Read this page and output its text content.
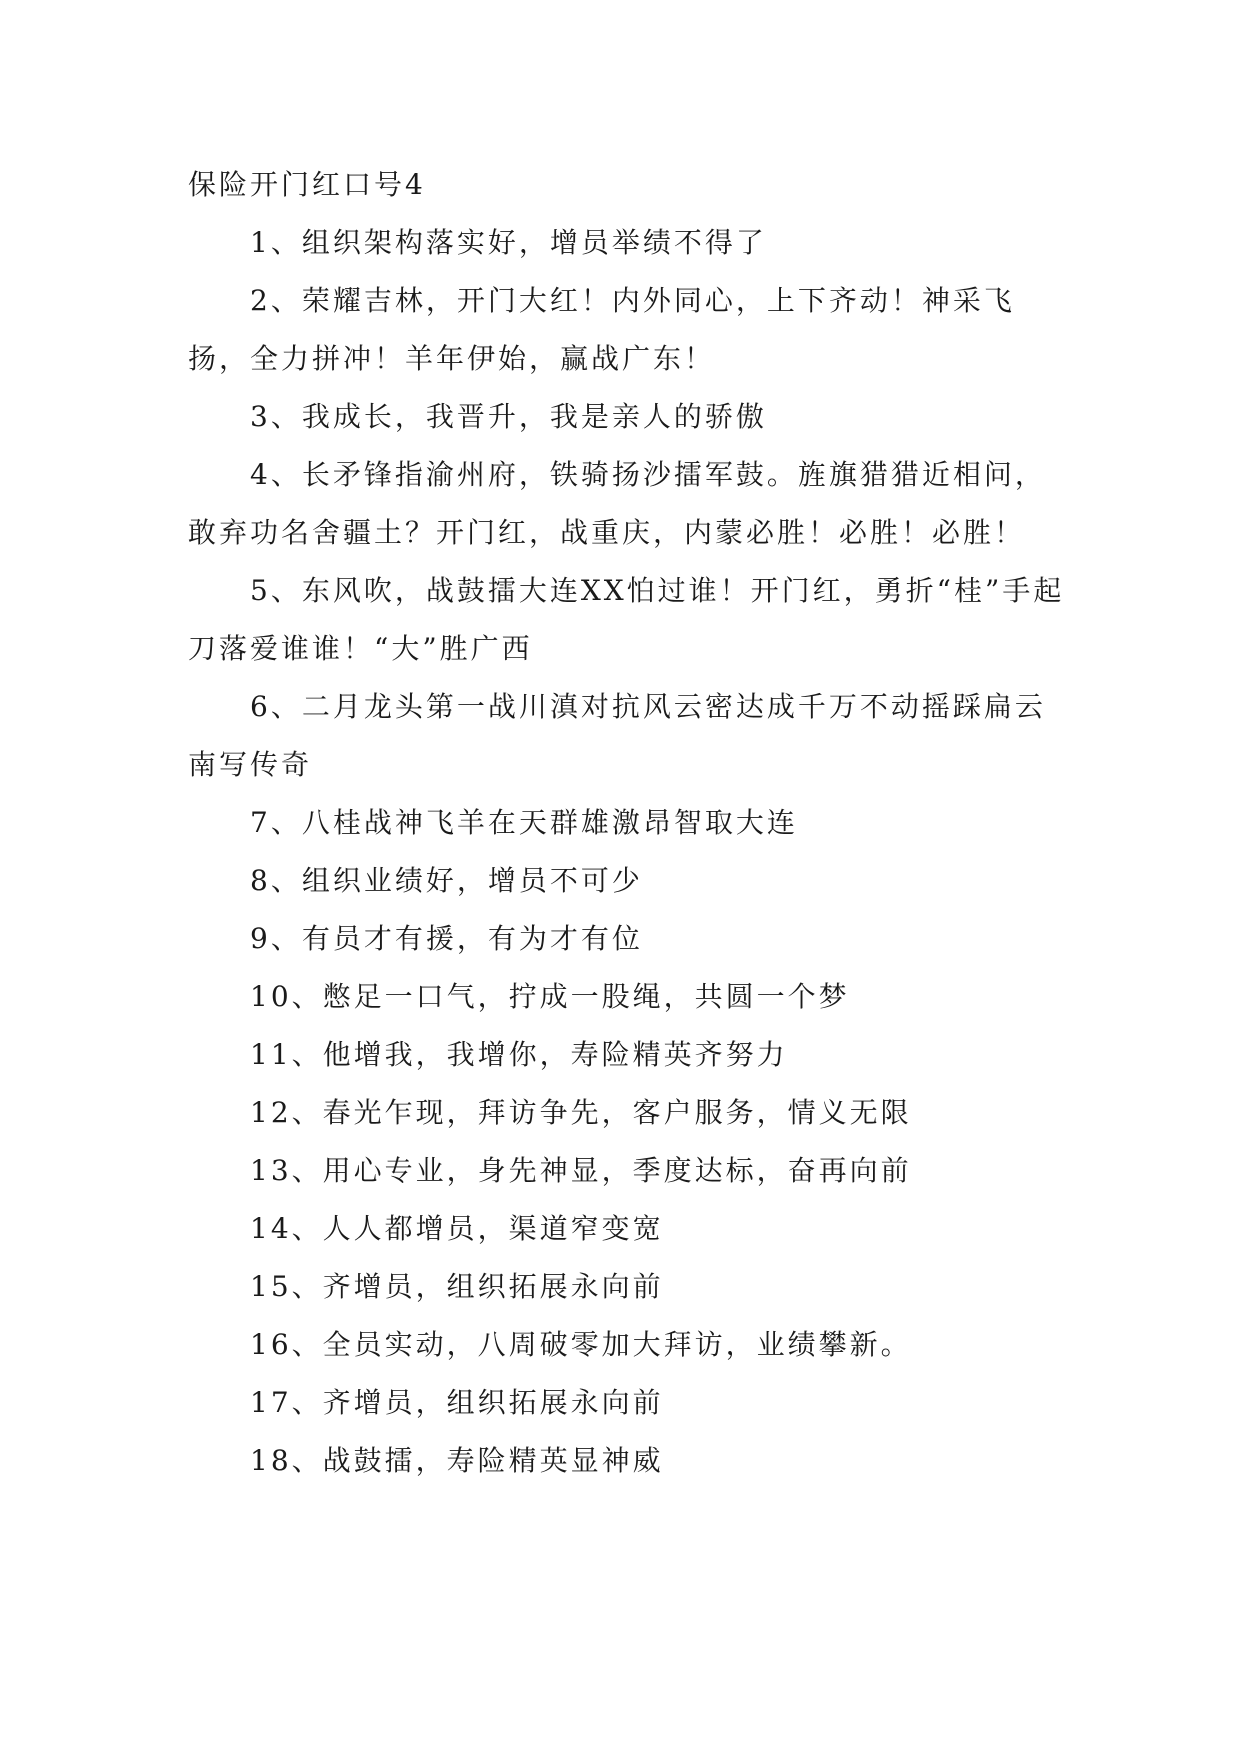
保险开门红口号4
1、组织架构落实好，增员举绩不得了
2、荣耀吉林，开门大红！内外同心，上下齐动！神采飞扬，全力拼冲！羊年伊始，赢战广东！
3、我成长，我晋升，我是亲人的骄傲
4、长矛锋指渝州府，铁骑扬沙擂军鼓。旌旗猎猎近相问，敢弃功名舍疆土？开门红，战重庆，内蒙必胜！必胜！必胜！
5、东风吹，战鼓擂大连XX怕过谁！开门红，勇折“桂”手起刀落爱谁谁！“大”胜广西
6、二月龙头第一战川滇对抗风云密达成千万不动摇踩扁云南写传奇
7、八桂战神飞羊在天群雄激昂智取大连
8、组织业绩好，增员不可少
9、有员才有援，有为才有位
10、憋足一口气，拧成一股绳，共圆一个梦
11、他增我，我增你，寿险精英齐努力
12、春光乍现，拜访争先，客户服务，情义无限
13、用心专业，身先神显，季度达标，奋再向前
14、人人都增员，渠道窄变宽
15、齐增员，组织拓展永向前
16、全员实动，八周破零加大拜访，业绩攀新。
17、齐增员，组织拓展永向前
18、战鼓擂，寿险精英显神威
